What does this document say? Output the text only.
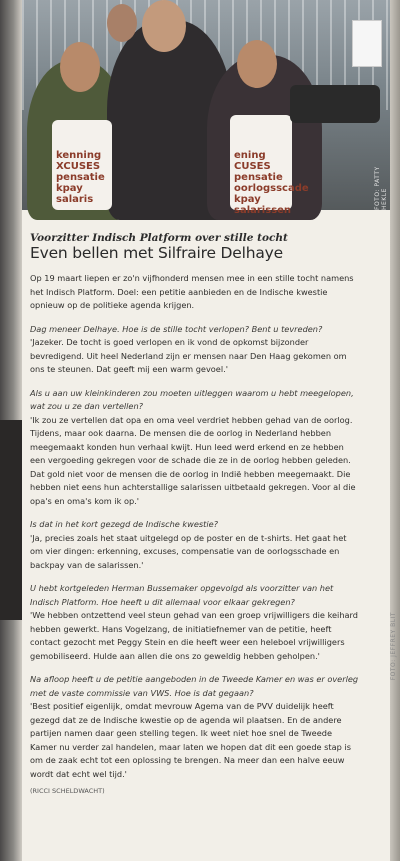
kenning
XCUSES
pensatie
kpay salaris
ening
CUSES
pensatie
oorlogsscade
kpay salarissen
FOTO: PATTY HEKLE
FOTO: JEFFREY BLIT
Voorzitter Indisch Platform over stille tocht
Even bellen met Silfraire Delhaye

Op 19 maart liepen er zo'n vijfhonderd mensen mee in een stille tocht namens het Indisch Platform. Doel: een petitie aanbieden en de Indische kwestie opnieuw op de politieke agenda krijgen.

Dag meneer Delhaye. Hoe is de stille tocht verlopen? Bent u tevreden?
'Jazeker. De tocht is goed verlopen en ik vond de opkomst bijzonder bevredigend. Uit heel Nederland zijn er mensen naar Den Haag gekomen om ons te steunen. Dat geeft mij een warm gevoel.'

Als u aan uw kleinkinderen zou moeten uitleggen waarom u hebt meegelopen, wat zou u ze dan vertellen?
'Ik zou ze vertellen dat opa en oma veel verdriet hebben gehad van de oorlog. Tijdens, maar ook daarna. De mensen die de oorlog in Nederland hebben meegemaakt konden hun verhaal kwijt. Hun leed werd erkend en ze hebben een vergoeding gekregen voor de schade die ze in de oorlog hebben geleden. Dat gold niet voor de mensen die de oorlog in Indië hebben meegemaakt. Die hebben niet eens hun achterstallige salarissen uitbetaald gekregen. Voor al die opa's en oma's kom ik op.'

Is dat in het kort gezegd de Indische kwestie?
'Ja, precies zoals het staat uitgelegd op de poster en de t-shirts. Het gaat het om vier dingen: erkenning, excuses, compensatie van de oorlogsschade en backpay van de salarissen.'

U hebt kortgeleden Herman Bussemaker opgevolgd als voorzitter van het Indisch Platform. Hoe heeft u dit allemaal voor elkaar gekregen?
'We hebben ontzettend veel steun gehad van een groep vrijwilligers die keihard hebben gewerkt. Hans Vogelzang, de initiatiefnemer van de petitie, heeft contact gezocht met Peggy Stein en die heeft weer een heleboel vrijwilligers gemobiliseerd. Hulde aan allen die ons zo geweldig hebben geholpen.'

Na afloop heeft u de petitie aangeboden in de Tweede Kamer en was er overleg met de vaste commissie van VWS. Hoe is dat gegaan?
'Best positief eigenlijk, omdat mevrouw Agema van de PVV duidelijk heeft gezegd dat ze de Indische kwestie op de agenda wil plaatsen. En de andere partijen namen daar geen stelling tegen. Ik weet niet hoe snel de Tweede Kamer nu verder zal handelen, maar laten we hopen dat dit een goede stap is om de zaak echt tot een oplossing te brengen. Na meer dan een halve eeuw wordt dat echt wel tijd.'

(RICCI SCHELDWACHT)
